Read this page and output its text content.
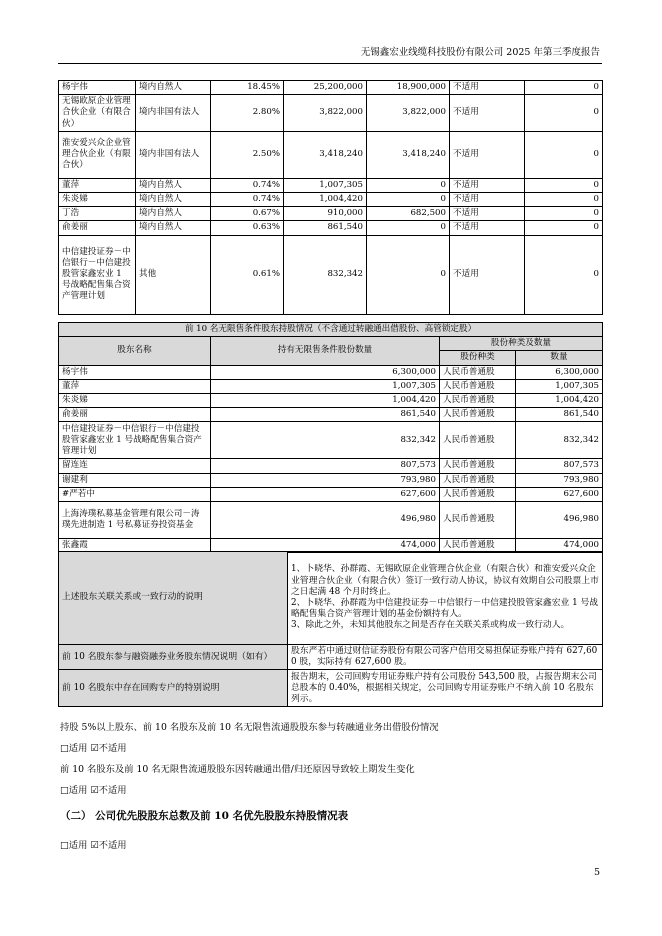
无锡鑫宏业线缆科技股份有限公司 2025 年第三季度报告
杨宇伟	境内自然人	18.45%	25,200,000	18,900,000	不适用	0
无锡欧原企业管理合伙企业（有限合伙）	境内非国有法人	2.80%	3,822,000	3,822,000	不适用	0
淮安爱兴众企业管理合伙企业（有限合伙）	境内非国有法人	2.50%	3,418,240	3,418,240	不适用	0
董萍	境内自然人	0.74%	1,007,305	0	不适用	0
朱炎娣	境内自然人	0.74%	1,004,420	0	不适用	0
丁浩	境内自然人	0.67%	910,000	682,500	不适用	0
俞姜丽	境内自然人	0.63%	861,540	0	不适用	0
中信建投证券－中信银行－中信建投股管家鑫宏业 1 号战略配售集合资产管理计划	其他	0.61%	832,342	0	不适用	0
前 10 名无限售条件股东持股情况（不含通过转融通出借股份、高管锁定股）			
股东名称	持有无限售条件股份数量	股份种类及数量	
		股份种类	数量
杨宇伟	6,300,000	人民币普通股	6,300,000
董萍	1,007,305	人民币普通股	1,007,305
朱炎娣	1,004,420	人民币普通股	1,004,420
俞姜丽	861,540	人民币普通股	861,540
中信建投证券－中信银行－中信建投股管家鑫宏业 1 号战略配售集合资产管理计划	832,342	人民币普通股	832,342
留连连	807,573	人民币普通股	807,573
谢建利	793,980	人民币普通股	793,980
#严若中	627,600	人民币普通股	627,600
上海涛璞私募基金管理有限公司－涛璞先进制造 1 号私募证券投资基金	496,980	人民币普通股	496,980
张鑫霞	474,000	人民币普通股	474,000
上述股东关联关系或一致行动的说明	1、卜晓华、孙群霞、无锡欧原企业管理合伙企业（有限合伙）和淮安爱兴众企业管理合伙企业（有限合伙）签订一致行动人协议，协议有效期自公司股票上市之日起满 48 个月时终止。
2、卜晓华、孙群霞为中信建投证券－中信银行－中信建投股管家鑫宏业 1 号战略配售集合资产管理计划的基金份额持有人。
3、除此之外，未知其他股东之间是否存在关联关系或构成一致行动人。
前 10 名股东参与融资融券业务股东情况说明（如有）	股东严若中通过财信证券股份有限公司客户信用交易担保证券账户持有 627,600 股，实际持有 627,600 股。
前 10 名股东中存在回购专户的特别说明	报告期末，公司回购专用证券账户持有公司股份 543,500 股，占报告期末公司总股本的 0.40%，根据相关规定，公司回购专用证券账户不纳入前 10 名股东列示。
持股 5%以上股东、前 10 名股东及前 10 名无限售流通股股东参与转融通业务出借股份情况
□适用 ☑不适用
前 10 名股东及前 10 名无限售流通股股东因转融通出借/归还原因导致较上期发生变化
□适用 ☑不适用
（二） 公司优先股股东总数及前 10 名优先股股东持股情况表
□适用 ☑不适用
5
